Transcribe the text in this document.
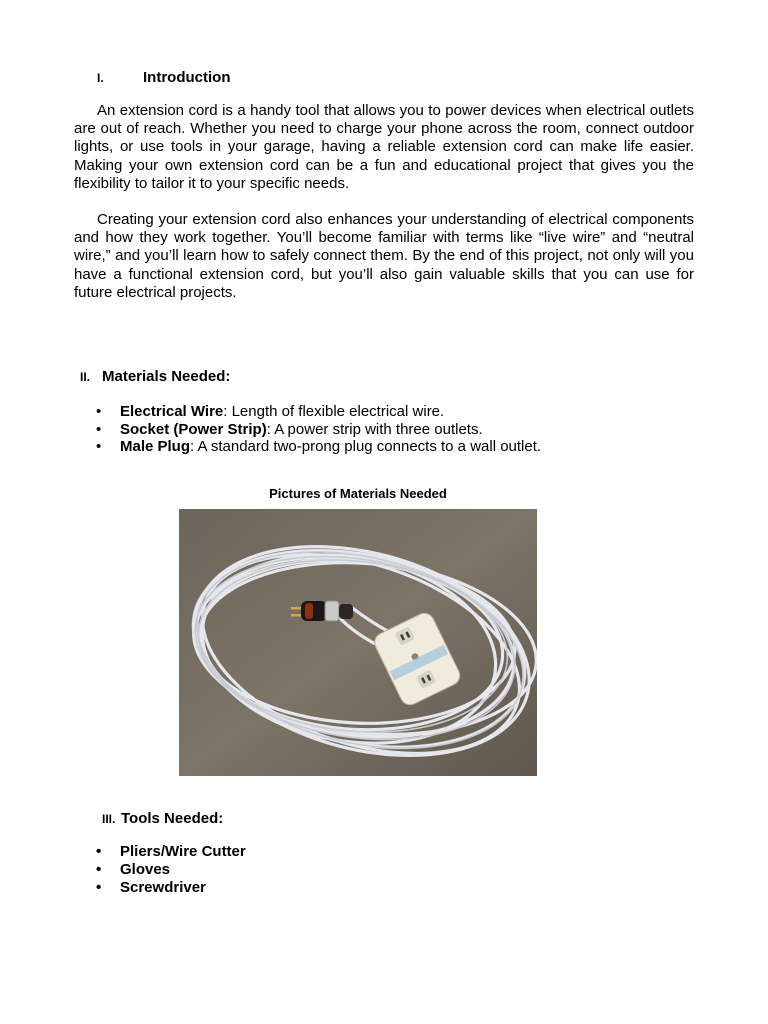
I.	Introduction

An extension cord is a handy tool that allows you to power devices when electrical outlets are out of reach. Whether you need to charge your phone across the room, connect outdoor lights, or use tools in your garage, having a reliable extension cord can make life easier. Making your own extension cord can be a fun and educational project that gives you the flexibility to tailor it to your specific needs.

Creating your extension cord also enhances your understanding of electrical components and how they work together. You’ll become familiar with terms like “live wire” and “neutral wire,” and you’ll learn how to safely connect them. By the end of this project, not only will you have a functional extension cord, but you’ll also gain valuable skills that you can use for future electrical projects.

II. Materials Needed:
• Electrical Wire: Length of flexible electrical wire.
• Socket (Power Strip): A power strip with three outlets.
• Male Plug: A standard two-prong plug connects to a wall outlet.
Pictures of Materials Needed
III. Tools Needed:
• Pliers/Wire Cutter
• Gloves
• Screwdriver
